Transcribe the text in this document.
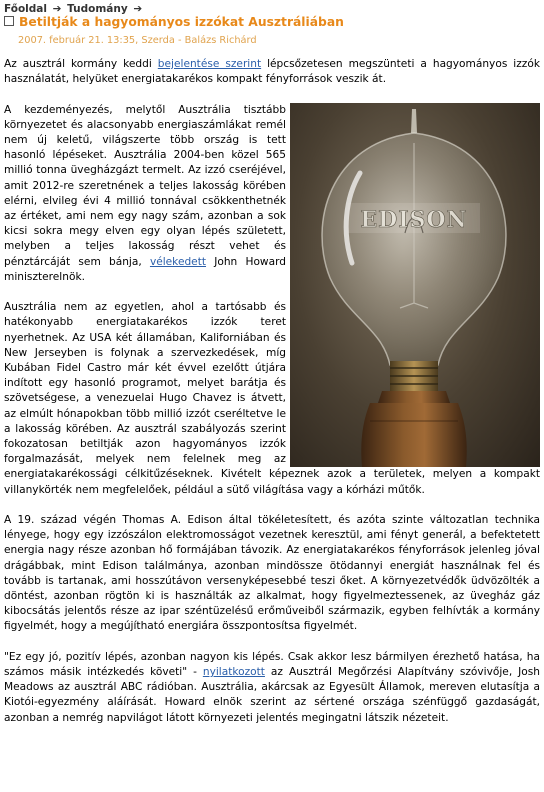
Főoldal ➔ Tudomány ➔
Betiltják a hagyományos izzókat Ausztráliában
2007. február 21. 13:35, Szerda - Balázs Richárd

Az ausztrál kormány keddi bejelentése szerint lépcsőzetesen megszünteti a hagyományos izzók használatát, helyüket energiatakarékos kompakt fényforrások veszik át.

EDISON

A kezdeményezés, melytől Ausztrália tisztább környezetet és alacsonyabb energiaszámlákat remél nem új keletű, világszerte több ország is tett hasonló lépéseket. Ausztrália 2004-ben közel 565 millió tonna üvegházgázt termelt. Az izzó cseréjével, amit 2012-re szeretnének a teljes lakosság körében elérni, elvileg évi 4 millió tonnával csökkenthetnék az értéket, ami nem egy nagy szám, azonban a sok kicsi sokra megy elven egy olyan lépés született, melyben a teljes lakosság részt vehet és pénztárcáját sem bánja, vélekedett John Howard miniszterelnök.

Ausztrália nem az egyetlen, ahol a tartósabb és hatékonyabb energiatakarékos izzók teret nyerhetnek. Az USA két államában, Kaliforniában és New Jerseyben is folynak a szervezkedések, míg Kubában Fidel Castro már két évvel ezelőtt útjára indított egy hasonló programot, melyet barátja és szövetségese, a venezuelai Hugo Chavez is átvett, az elmúlt hónapokban több millió izzót cseréltetve le a lakosság körében. Az ausztrál szabályozás szerint fokozatosan betiltják azon hagyományos izzók forgalmazását, melyek nem felelnek meg az energiatakarékossági célkitűzéseknek. Kivételt képeznek azok a területek, melyen a kompakt villanykörték nem megfelelőek, például a sütő világítása vagy a kórházi műtők.

A 19. század végén Thomas A. Edison által tökéletesített, és azóta szinte változatlan technika lényege, hogy egy izzószálon elektromosságot vezetnek keresztül, ami fényt generál, a befektetett energia nagy része azonban hő formájában távozik. Az energiatakarékos fényforrások jelenleg jóval drágábbak, mint Edison találmánya, azonban mindössze ötödannyi energiát használnak fel és tovább is tartanak, ami hosszútávon versenyképesebbé teszi őket. A környezetvédők üdvözölték a döntést, azonban rögtön ki is használták az alkalmat, hogy figyelmeztessenek, az üvegház gáz kibocsátás jelentős része az ipar széntüzelésű erőműveiből származik, egyben felhívták a kormány figyelmét, hogy a megújítható energiára összpontosítsa figyelmét.

"Ez egy jó, pozitív lépés, azonban nagyon kis lépés. Csak akkor lesz bármilyen érezhető hatása, ha számos másik intézkedés követi" - nyilatkozott az Ausztrál Megőrzési Alapítvány szóvivője, Josh Meadows az ausztrál ABC rádióban. Ausztrália, akárcsak az Egyesült Államok, mereven elutasítja a Kiotói-egyezmény aláírását. Howard elnök szerint az sértené országa szénfüggő gazdaságát, azonban a nemrég napvilágot látott környezeti jelentés megingatni látszik nézeteit.
